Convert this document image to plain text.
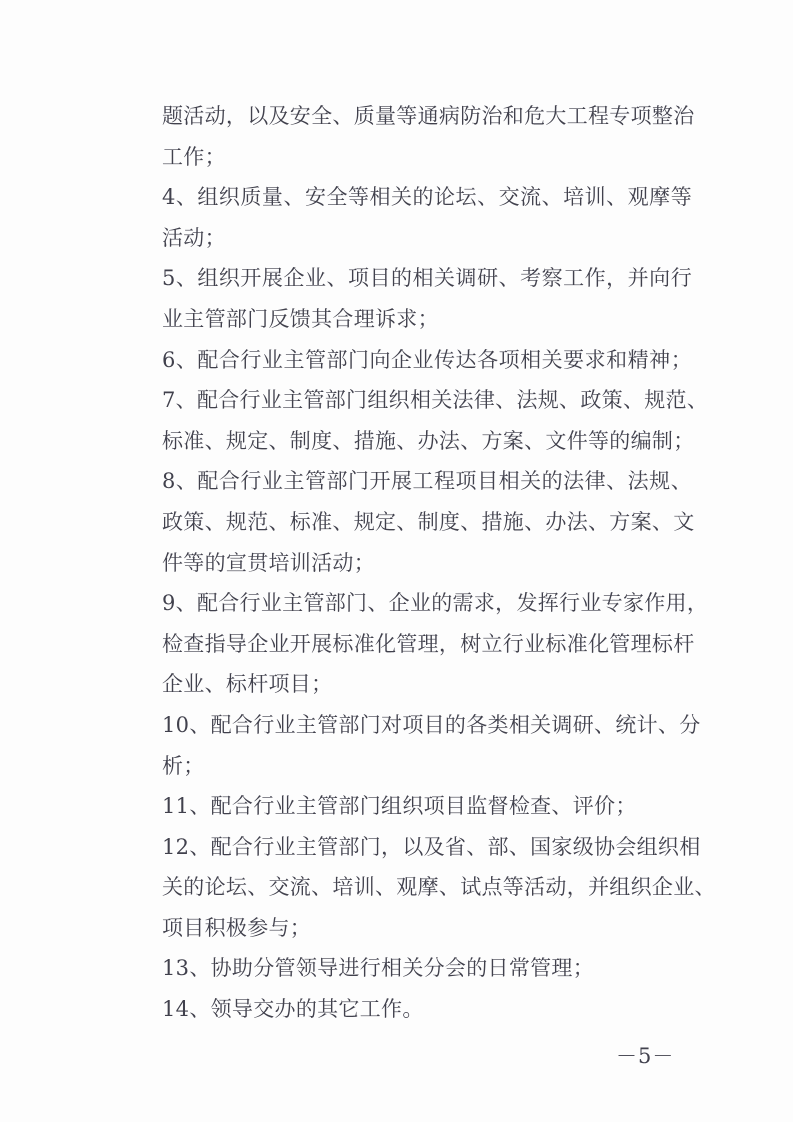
题活动，以及安全、质量等通病防治和危大工程专项整治
工作；
4、组织质量、安全等相关的论坛、交流、培训、观摩等
活动；
5、组织开展企业、项目的相关调研、考察工作，并向行
业主管部门反馈其合理诉求；
6、配合行业主管部门向企业传达各项相关要求和精神；
7、配合行业主管部门组织相关法律、法规、政策、规范、
标准、规定、制度、措施、办法、方案、文件等的编制；
8、配合行业主管部门开展工程项目相关的法律、法规、
政策、规范、标准、规定、制度、措施、办法、方案、文
件等的宣贯培训活动；
9、配合行业主管部门、企业的需求，发挥行业专家作用，
检查指导企业开展标准化管理，树立行业标准化管理标杆
企业、标杆项目；
10、配合行业主管部门对项目的各类相关调研、统计、分
析；
11、配合行业主管部门组织项目监督检查、评价；
12、配合行业主管部门，以及省、部、国家级协会组织相
关的论坛、交流、培训、观摩、试点等活动，并组织企业、
项目积极参与；
13、协助分管领导进行相关分会的日常管理；
14、领导交办的其它工作。
－5－
